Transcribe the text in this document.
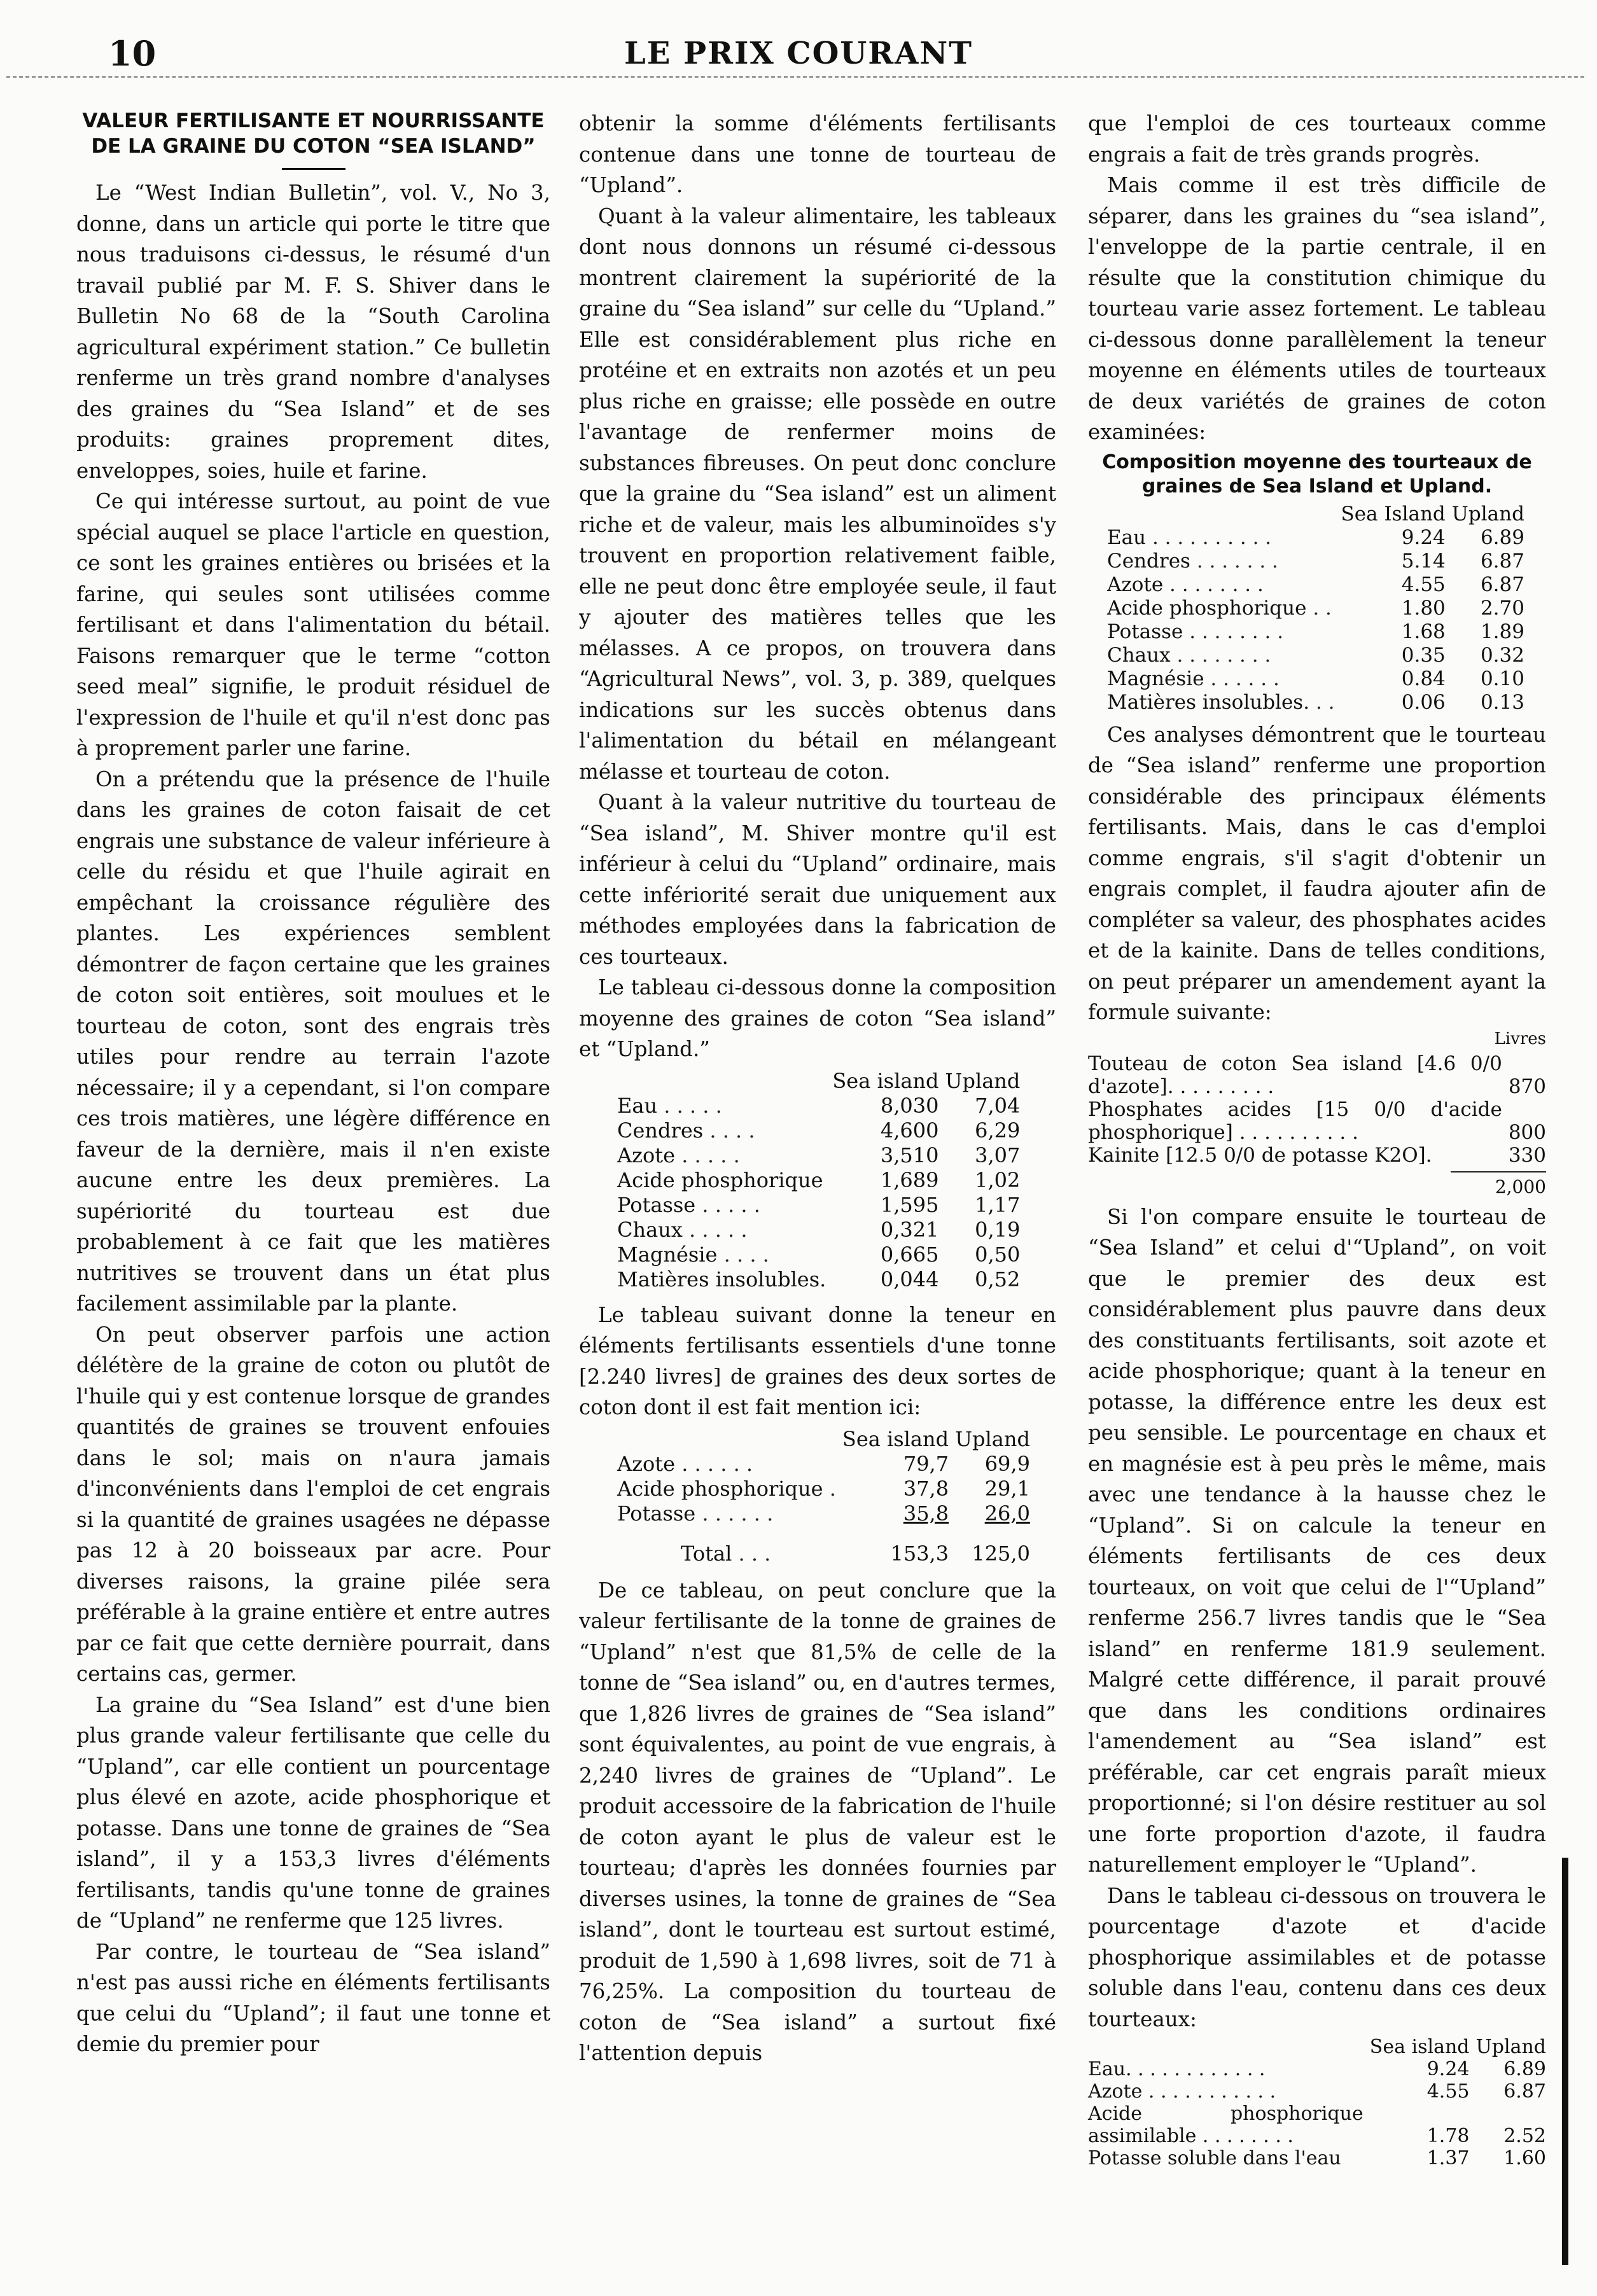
10	LE PRIX COURANT
VALEUR FERTILISANTE ET NOURRISSANTE DE LA GRAINE DU COTON “SEA ISLAND”

Le “West Indian Bulletin”, vol. V., No 3, donne, dans un article qui porte le titre que nous traduisons ci-dessus, le résumé d'un travail publié par M. F. S. Shiver dans le Bulletin No 68 de la “South Carolina agricultural expériment station.” Ce bulletin renferme un très grand nombre d'analyses des graines du “Sea Island” et de ses produits: graines proprement dites, enveloppes, soies, huile et farine.

Ce qui intéresse surtout, au point de vue spécial auquel se place l'article en question, ce sont les graines entières ou brisées et la farine, qui seules sont utilisées comme fertilisant et dans l'alimentation du bétail. Faisons remarquer que le terme “cotton seed meal” signifie, le produit résiduel de l'expression de l'huile et qu'il n'est donc pas à proprement parler une farine.

On a prétendu que la présence de l'huile dans les graines de coton faisait de cet engrais une substance de valeur inférieure à celle du résidu et que l'huile agirait en empêchant la croissance régulière des plantes. Les expériences semblent démontrer de façon certaine que les graines de coton soit entières, soit moulues et le tourteau de coton, sont des engrais très utiles pour rendre au terrain l'azote nécessaire; il y a cependant, si l'on compare ces trois matières, une légère différence en faveur de la dernière, mais il n'en existe aucune entre les deux premières. La supériorité du tourteau est due probablement à ce fait que les matières nutritives se trouvent dans un état plus facilement assimilable par la plante.

On peut observer parfois une action délétère de la graine de coton ou plutôt de l'huile qui y est contenue lorsque de grandes quantités de graines se trouvent enfouies dans le sol; mais on n'aura jamais d'inconvénients dans l'emploi de cet engrais si la quantité de graines usagées ne dépasse pas 12 à 20 boisseaux par acre. Pour diverses raisons, la graine pilée sera préférable à la graine entière et entre autres par ce fait que cette dernière pourrait, dans certains cas, germer.

La graine du “Sea Island” est d'une bien plus grande valeur fertilisante que celle du “Upland”, car elle contient un pourcentage plus élevé en azote, acide phosphorique et potasse. Dans une tonne de graines de “Sea island”, il y a 153,3 livres d'éléments fertilisants, tandis qu'une tonne de graines de “Upland” ne renferme que 125 livres.

Par contre, le tourteau de “Sea island” n'est pas aussi riche en éléments fertilisants que celui du “Upland”; il faut une tonne et demie du premier pour

obtenir la somme d'éléments fertilisants contenue dans une tonne de tourteau de “Upland”.

Quant à la valeur alimentaire, les tableaux dont nous donnons un résumé ci-dessous montrent clairement la supériorité de la graine du “Sea island” sur celle du “Upland.” Elle est considérablement plus riche en protéine et en extraits non azotés et un peu plus riche en graisse; elle possède en outre l'avantage de renfermer moins de substances fibreuses. On peut donc conclure que la graine du “Sea island” est un aliment riche et de valeur, mais les albuminoïdes s'y trouvent en proportion relativement faible, elle ne peut donc être employée seule, il faut y ajouter des matières telles que les mélasses. A ce propos, on trouvera dans “Agricultural News”, vol. 3, p. 389, quelques indications sur les succès obtenus dans l'alimentation du bétail en mélangeant mélasse et tourteau de coton.

Quant à la valeur nutritive du tourteau de “Sea island”, M. Shiver montre qu'il est inférieur à celui du “Upland” ordinaire, mais cette infériorité serait due uniquement aux méthodes employées dans la fabrication de ces tourteaux.

Le tableau ci-dessous donne la composition moyenne des graines de coton “Sea island” et “Upland.”

	Sea island	Upland
Eau . . . . .	8,030	7,04
Cendres . . . .	4,600	6,29
Azote . . . . .	3,510	3,07
Acide phosphorique	1,689	1,02
Potasse . . . . .	1,595	1,17
Chaux . . . . .	0,321	0,19
Magnésie . . . .	0,665	0,50
Matières insolubles.	0,044	0,52

Le tableau suivant donne la teneur en éléments fertilisants essentiels d'une tonne [2.240 livres] de graines des deux sortes de coton dont il est fait mention ici:

	Sea island	Upland
Azote . . . . . .	79,7	69,9
Acide phosphorique .	37,8	29,1
Potasse . . . . . .	35,8	26,0
Total . . .	153,3	125,0

De ce tableau, on peut conclure que la valeur fertilisante de la tonne de graines de “Upland” n'est que 81,5% de celle de la tonne de “Sea island” ou, en d'autres termes, que 1,826 livres de graines de “Sea island” sont équivalentes, au point de vue engrais, à 2,240 livres de graines de “Upland”. Le produit accessoire de la fabrication de l'huile de coton ayant le plus de valeur est le tourteau; d'après les données fournies par diverses usines, la tonne de graines de “Sea island”, dont le tourteau est surtout estimé, produit de 1,590 à 1,698 livres, soit de 71 à 76,25%. La composition du tourteau de coton de “Sea island” a surtout fixé l'attention depuis

que l'emploi de ces tourteaux comme engrais a fait de très grands progrès.

Mais comme il est très difficile de séparer, dans les graines du “sea island”, l'enveloppe de la partie centrale, il en résulte que la constitution chimique du tourteau varie assez fortement. Le tableau ci-dessous donne parallèlement la teneur moyenne en éléments utiles de tourteaux de deux variétés de graines de coton examinées:

Composition moyenne des tourteaux de graines de Sea Island et Upland.
	Sea Island	Upland
Eau . . . . . . . . . .	9.24	6.89
Cendres . . . . . . .	5.14	6.87
Azote . . . . . . . .	4.55	6.87
Acide phosphorique . .	1.80	2.70
Potasse . . . . . . . .	1.68	1.89
Chaux . . . . . . . .	0.35	0.32
Magnésie . . . . . .	0.84	0.10
Matières insolubles. . .	0.06	0.13

Ces analyses démontrent que le tourteau de “Sea island” renferme une proportion considérable des principaux éléments fertilisants. Mais, dans le cas d'emploi comme engrais, s'il s'agit d'obtenir un engrais complet, il faudra ajouter afin de compléter sa valeur, des phosphates acides et de la kainite. Dans de telles conditions, on peut préparer un amendement ayant la formule suivante:

Livres
Touteau de coton Sea island [4.6 0/0 d'azote]. . . . . . . . .	870
Phosphates acides [15 0/0 d'acide phosphorique] . . . . . . . . . .	800
Kainite [12.5 0/0 de potasse K2O].	330
2,000

Si l'on compare ensuite le tourteau de “Sea Island” et celui d'“Upland”, on voit que le premier des deux est considérablement plus pauvre dans deux des constituants fertilisants, soit azote et acide phosphorique; quant à la teneur en potasse, la différence entre les deux est peu sensible. Le pourcentage en chaux et en magnésie est à peu près le même, mais avec une tendance à la hausse chez le “Upland”. Si on calcule la teneur en éléments fertilisants de ces deux tourteaux, on voit que celui de l'“Upland” renferme 256.7 livres tandis que le “Sea island” en renferme 181.9 seulement. Malgré cette différence, il parait prouvé que dans les conditions ordinaires l'amendement au “Sea island” est préférable, car cet engrais paraît mieux proportionné; si l'on désire restituer au sol une forte proportion d'azote, il faudra naturellement employer le “Upland”.

Dans le tableau ci-dessous on trouvera le pourcentage d'azote et d'acide phosphorique assimilables et de potasse soluble dans l'eau, contenu dans ces deux tourteaux:

	Sea island	Upland
Eau. . . . . . . . . . . .	9.24	6.89
Azote . . . . . . . . . . .	4.55	6.87
Acide phosphorique assimilable . . . . . . . .	1.78	2.52
Potasse soluble dans l'eau	1.37	1.60
